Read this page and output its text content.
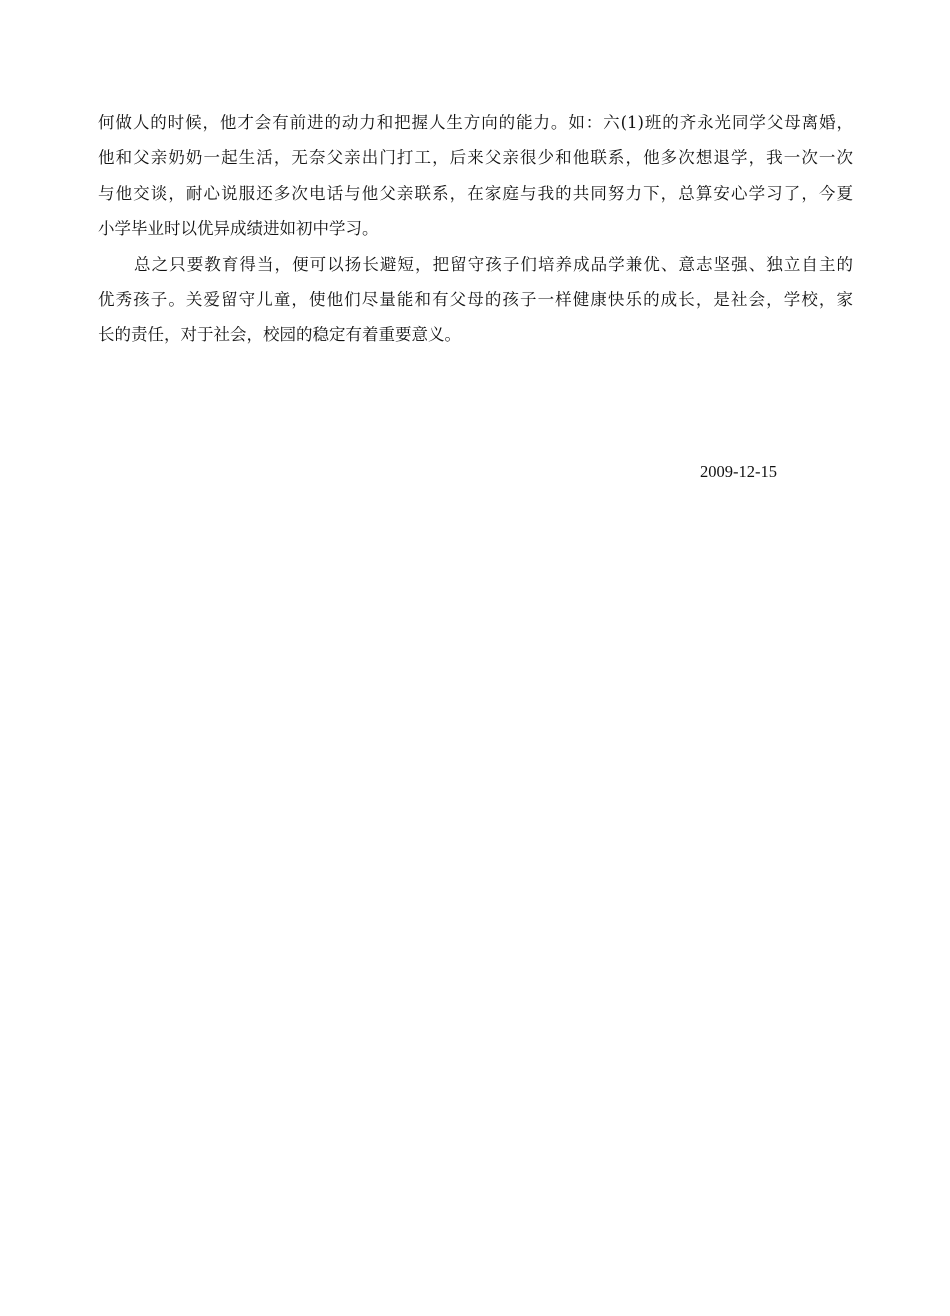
何做人的时候，他才会有前进的动力和把握人生方向的能力。如：六(1)班的齐永光同学父母离婚，
他和父亲奶奶一起生活，无奈父亲出门打工，后来父亲很少和他联系，他多次想退学，我一次一次
与他交谈，耐心说服还多次电话与他父亲联系，在家庭与我的共同努力下，总算安心学习了，今夏
小学毕业时以优异成绩进如初中学习。
总之只要教育得当，便可以扬长避短，把留守孩子们培养成品学兼优、意志坚强、独立自主的
优秀孩子。关爱留守儿童，使他们尽量能和有父母的孩子一样健康快乐的成长，是社会，学校，家
长的责任，对于社会，校园的稳定有着重要意义。
2009-12-15
